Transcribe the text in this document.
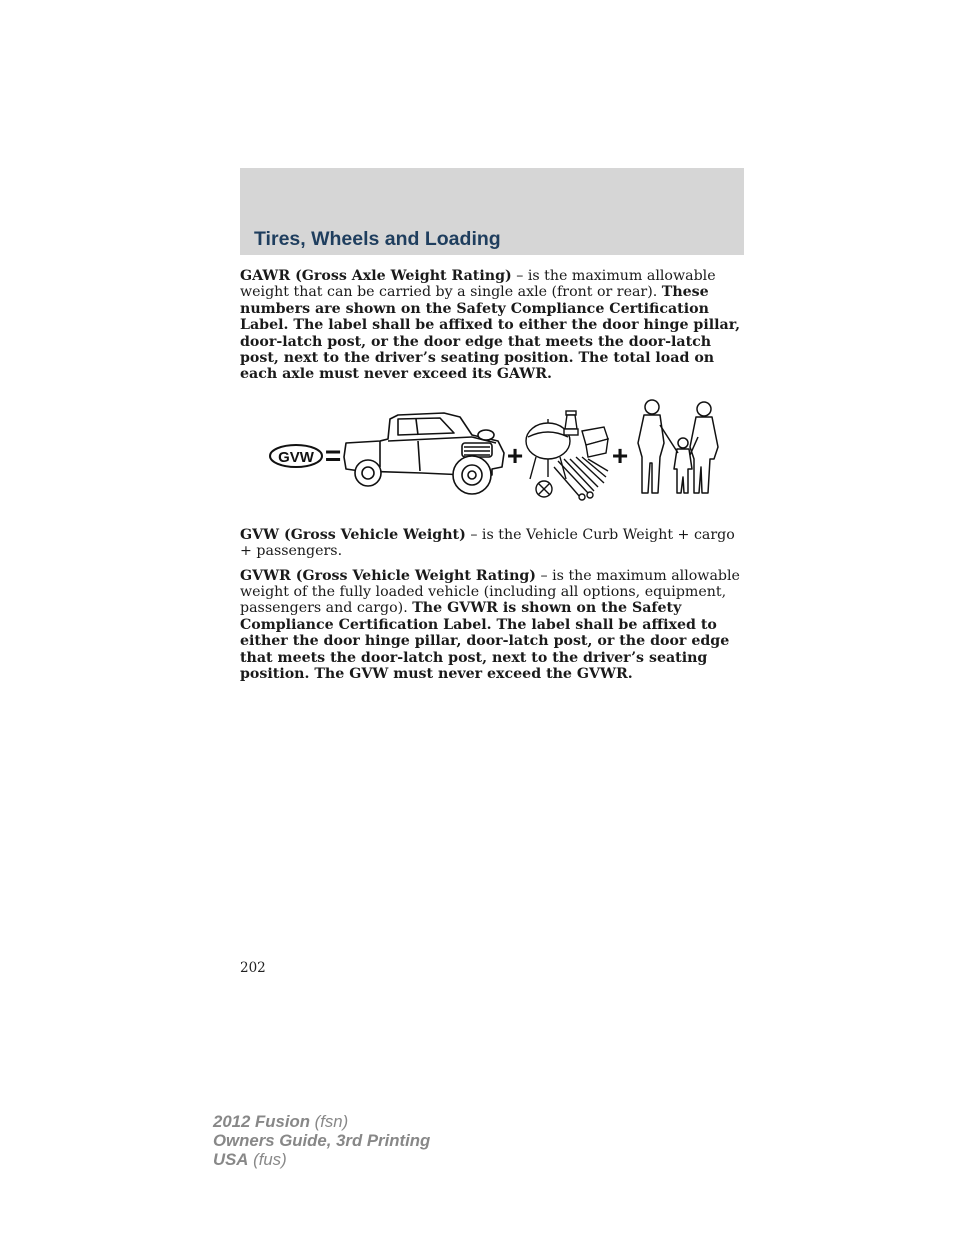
Tires, Wheels and Loading

GAWR (Gross Axle Weight Rating) – is the maximum allowable weight that can be carried by a single axle (front or rear). These numbers are shown on the Safety Compliance Certification Label. The label shall be affixed to either the door hinge pillar, door-latch post, or the door edge that meets the door-latch post, next to the driver’s seating position. The total load on each axle must never exceed its GAWR.

GVW =	+	+

GVW (Gross Vehicle Weight) – is the Vehicle Curb Weight + cargo + passengers.

GVWR (Gross Vehicle Weight Rating) – is the maximum allowable weight of the fully loaded vehicle (including all options, equipment, passengers and cargo). The GVWR is shown on the Safety Compliance Certification Label. The label shall be affixed to either the door hinge pillar, door-latch post, or the door edge that meets the door-latch post, next to the driver’s seating position. The GVW must never exceed the GVWR.

202
2012 Fusion (fsn)
Owners Guide, 3rd Printing
USA (fus)
